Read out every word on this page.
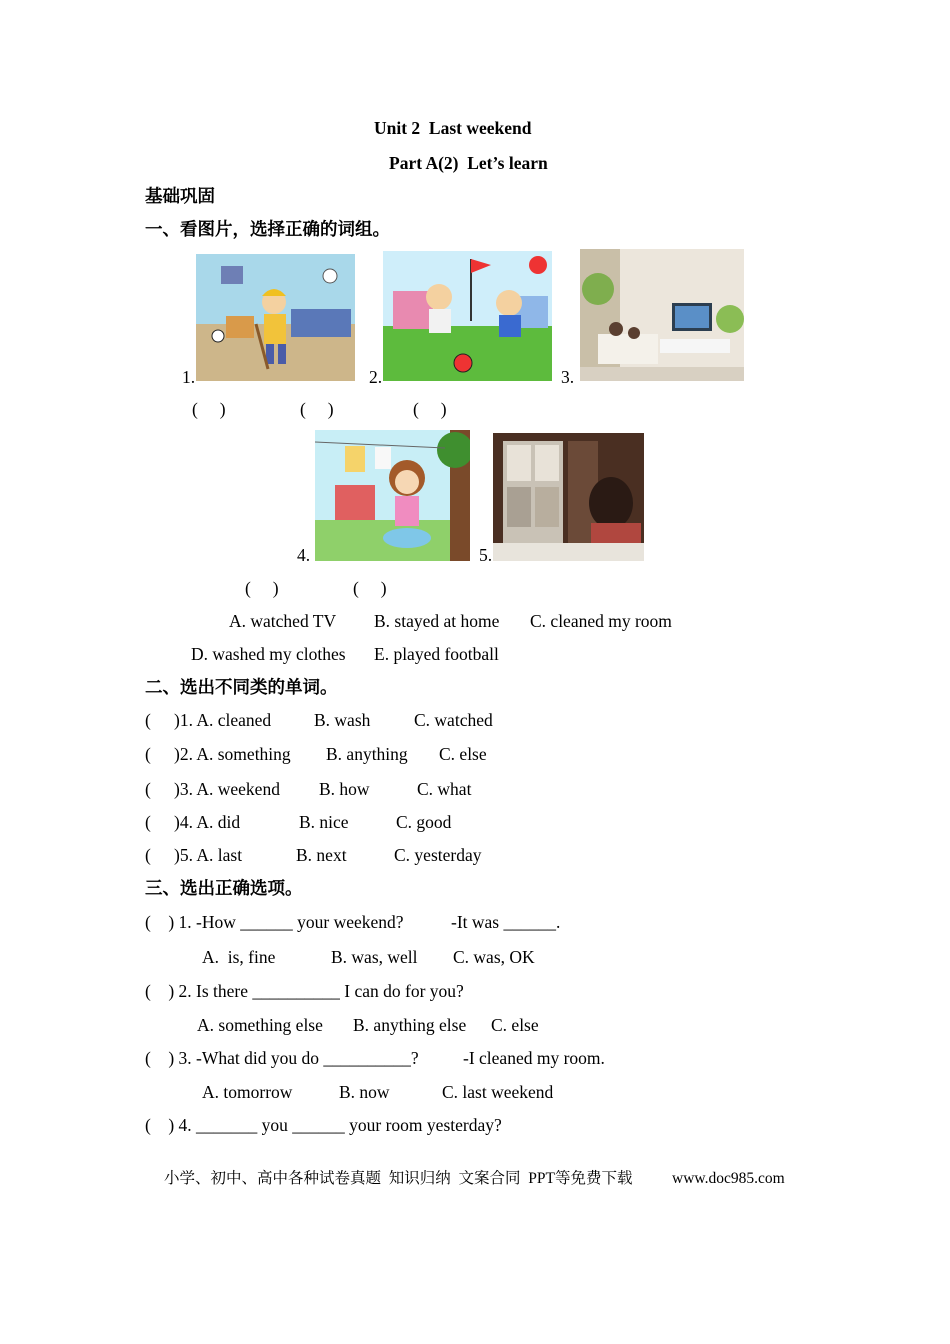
Unit 2  Last weekend
Part A(2)  Let’s learn
基础巩固
一、看图片，选择正确的词组。
1.	2.	3.
(     )	(     )	(     )
4.	5.
(     )	(     )
A. watched TV B. stayed at home C. cleaned my room
D. washed my clothes E. played football
二、选出不同类的单词。
( )1. A. cleaned B. wash C. watched
( )2. A. something B. anything C. else
( )3. A. weekend B. how	C. what
( )4. A. did	B. nice	C. good
( )5. A. last	B. next	C. yesterday
三、选出正确选项。
(    ) 1. -How ______ your weekend?	-It was ______.
A.  is, fine	B. was, well C. was, OK
(    ) 2. Is there __________ I can do for you?
A. something else B. anything else C. else
(    ) 3. -What did you do __________?	-I cleaned my room.
A. tomorrow	B. now	C. last weekend
(    ) 4. _______ you ______ your room yesterday?
小学、初中、高中各种试卷真题  知识归纳  文案合同  PPT等免费下载	www.doc985.com
